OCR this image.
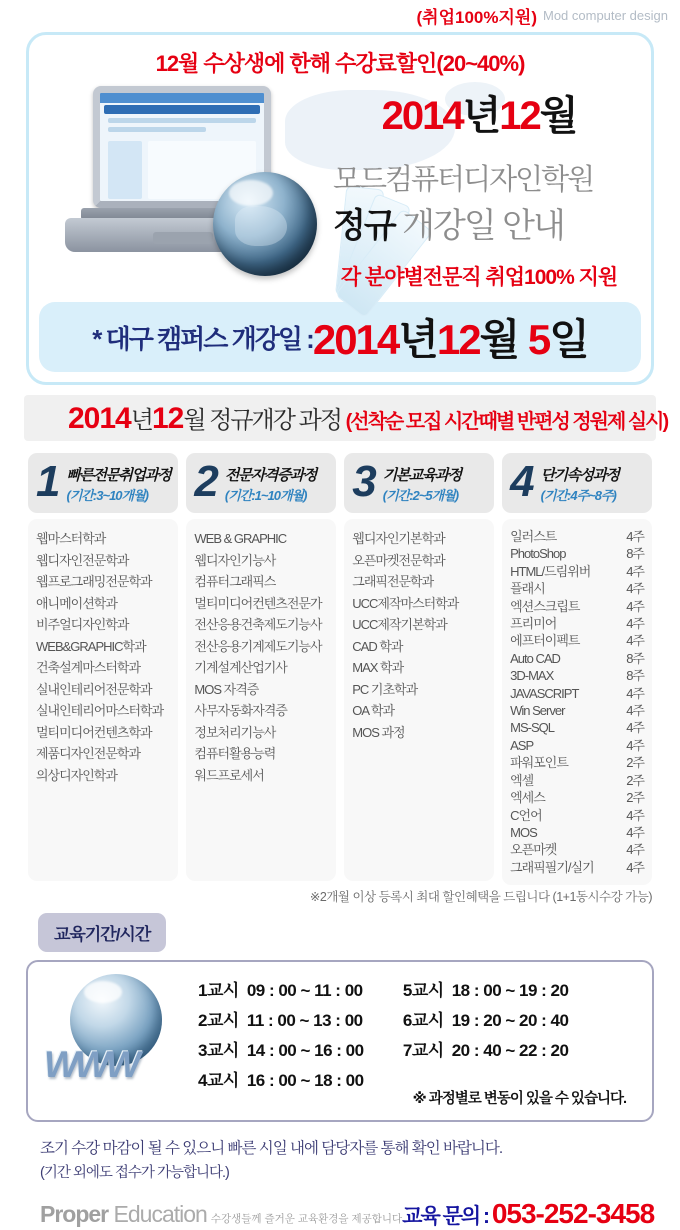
(취업100%지원) Mod computer design
12월 수상생에 한해 수강료할인(20~40%)
2014년12월
모드컴퓨터디자인학원
정규 개강일 안내
각 분야별전문직 취업100% 지원
* 대구 캠퍼스 개강일 : 2014년12월 5일
2014년12월 정규개강 과정 (선착순 모집 시간때별 반편성 정원제 실시)
1 빠른전문취업과정
(기간:3~10개월)
웹마스터학과
웹디자인전문학과
웹프로그래밍전문학과
애니메이션학과
비주얼디자인학과
WEB&GRAPHIC학과
건축설계마스터학과
실내인테리어전문학과
실내인테리어마스터학과
멀티미디어컨텐츠학과
제품디자인전문학과
의상디자인학과
2 전문자격증과정
(기간:1~10개월)
WEB & GRAPHIC
웹디자인기능사
컴퓨터그래픽스
멀티미디어컨텐츠전문가
전산응용건축제도기능사
전산응용기계제도기능사
기계설계산업기사
MOS 자격증
사무자동화자격증
정보처리기능사
컴퓨터활용능력
워드프로세서
3 기본교육과정
(기간:2~5개월)
웹디자인기본학과
오픈마켓전문학과
그래픽전문학과
UCC제작마스터학과
UCC제작기본학과
CAD 학과
MAX 학과
PC 기초학과
OA 학과
MOS 과정
4 단기속성과정
(기간:4주~8주)
일러스트	4주
PhotoShop	8주
HTML/드림위버	4주
플래시	4주
엑션스크립트	4주
프리미어	4주
에프터이펙트	4주
Auto CAD	8주
3D-MAX	8주
JAVASCRIPT	4주
Win Server	4주
MS-SQL	4주
ASP	4주
파워포인트	2주
엑셀	2주
엑세스	2주
C언어	4주
MOS	4주
오픈마켓	4주
그래픽필기/실기	4주
※2개월 이상 등록시 최대 할인혜택을 드립니다 (1+1동시수강 가능)
교육기간/시간
WWW
1교시 09 : 00 ~ 11 : 00	5교시 18 : 00 ~ 19 : 20
2교시 11 : 00 ~ 13 : 00	6교시 19 : 20 ~ 20 : 40
3교시 14 : 00 ~ 16 : 00	7교시 20 : 40 ~ 22 : 20
4교시 16 : 00 ~ 18 : 00
※ 과정별로 변동이 있을 수 있습니다.
조기 수강 마감이 될 수 있으니 빠른 시일 내에 담당자를 통해 확인 바랍니다.
(기간 외에도 접수가 가능합니다.)
Proper Education 수강생들께 즐거운 교육환경을 제공합니다 교육 문의 : 053-252-3458
